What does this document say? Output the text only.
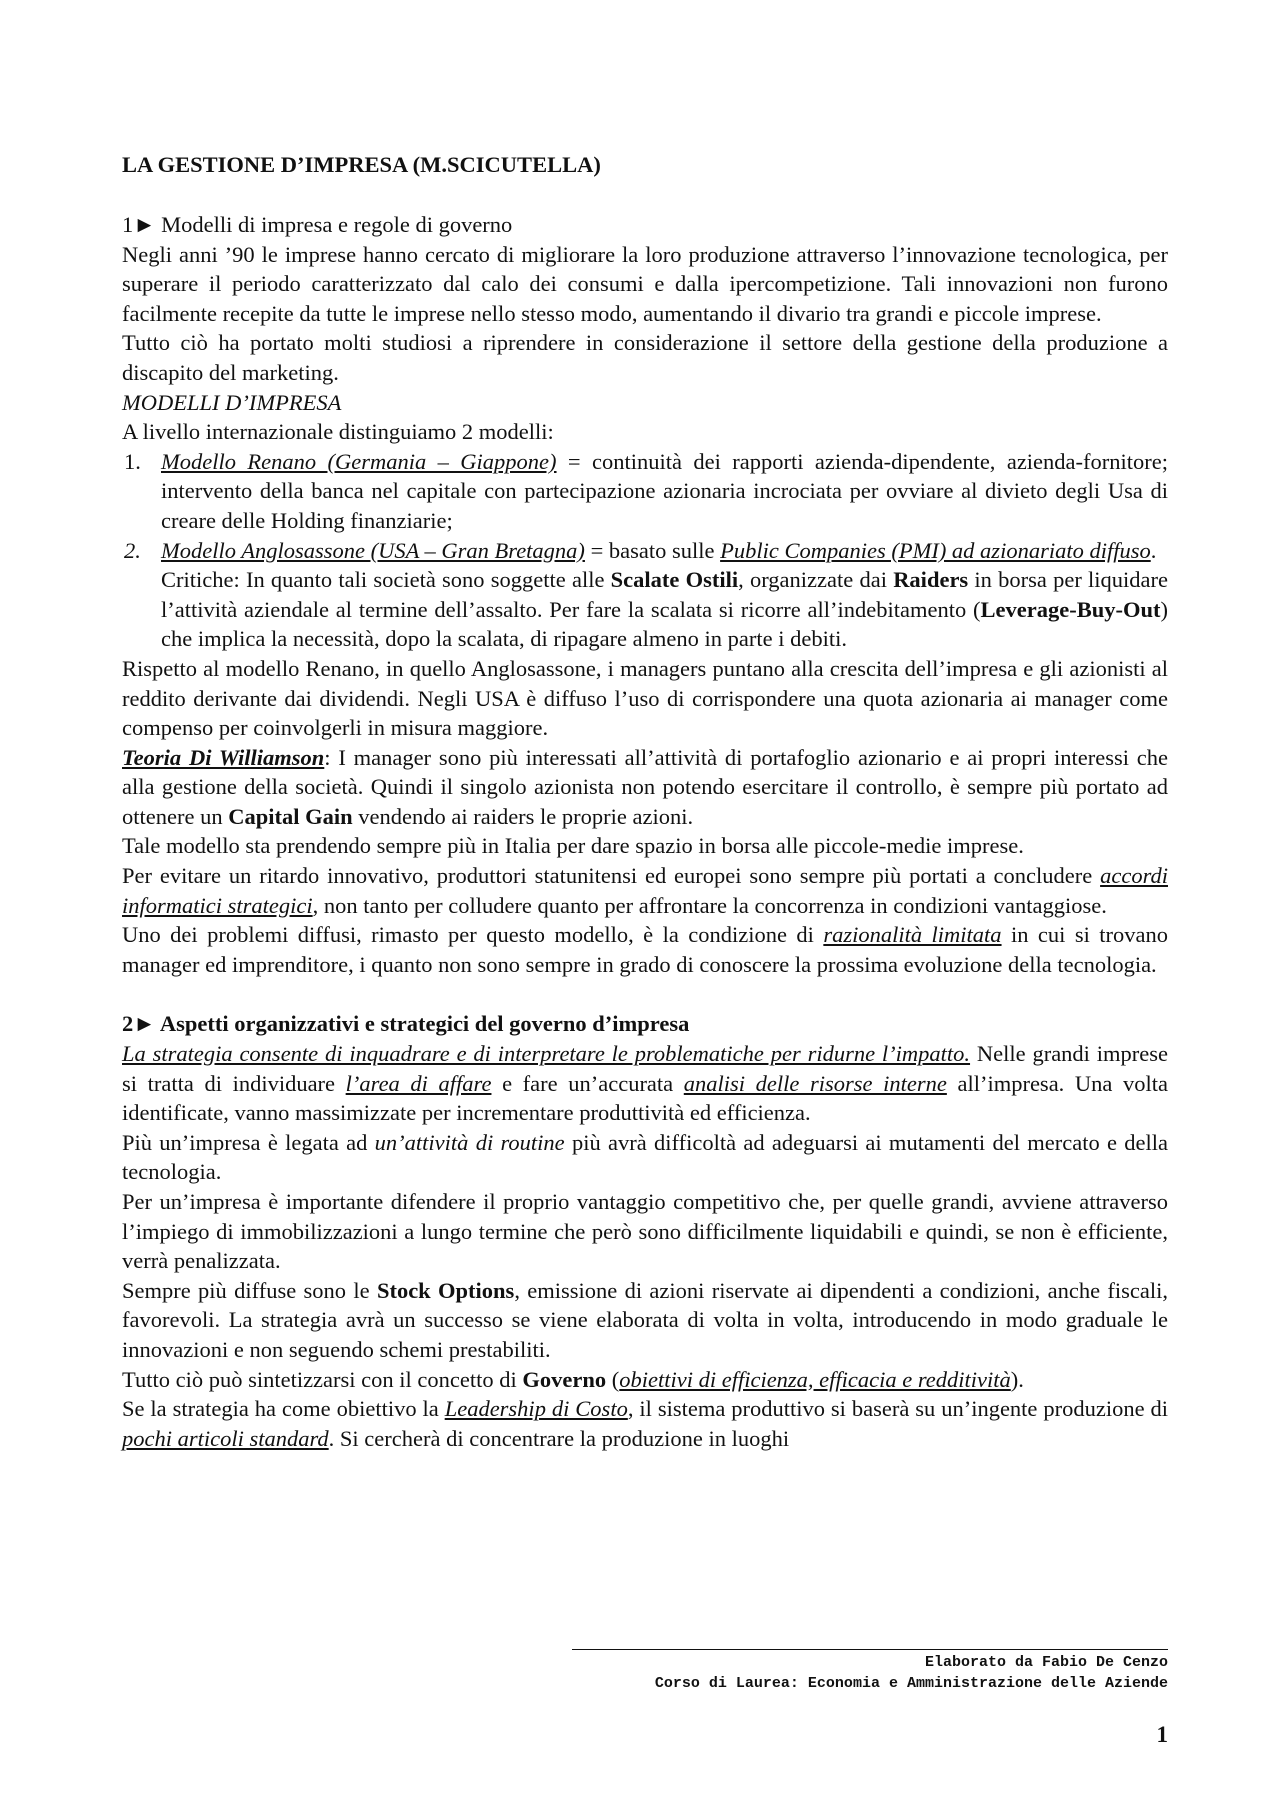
LA GESTIONE D’IMPRESA (M.SCICUTELLA)

1► Modelli di impresa e regole di governo

Negli anni ’90 le imprese hanno cercato di migliorare la loro produzione attraverso l’innovazione tecnologica, per superare il periodo caratterizzato dal calo dei consumi e dalla ipercompetizione. Tali innovazioni non furono facilmente recepite da tutte le imprese nello stesso modo, aumentando il divario tra grandi e piccole imprese.

Tutto ciò ha portato molti studiosi a riprendere in considerazione il settore della gestione della produzione a discapito del marketing.

MODELLI D’IMPRESA

A livello internazionale distinguiamo 2 modelli:

1. Modello Renano (Germania – Giappone) = continuità dei rapporti azienda-dipendente, azienda-fornitore; intervento della banca nel capitale con partecipazione azionaria incrociata per ovviare al divieto degli Usa di creare delle Holding finanziarie;
2. Modello Anglosassone (USA – Gran Bretagna) = basato sulle Public Companies (PMI) ad azionariato diffuso.
Critiche: In quanto tali società sono soggette alle Scalate Ostili, organizzate dai Raiders in borsa per liquidare l’attività aziendale al termine dell’assalto. Per fare la scalata si ricorre all’indebitamento (Leverage-Buy-Out) che implica la necessità, dopo la scalata, di ripagare almeno in parte i debiti.

Rispetto al modello Renano, in quello Anglosassone, i managers puntano alla crescita dell’impresa e gli azionisti al reddito derivante dai dividendi. Negli USA è diffuso l’uso di corrispondere una quota azionaria ai manager come compenso per coinvolgerli in misura maggiore.

Teoria Di Williamson: I manager sono più interessati all’attività di portafoglio azionario e ai propri interessi che alla gestione della società. Quindi il singolo azionista non potendo esercitare il controllo, è sempre più portato ad ottenere un Capital Gain vendendo ai raiders le proprie azioni.

Tale modello sta prendendo sempre più in Italia per dare spazio in borsa alle piccole-medie imprese.

Per evitare un ritardo innovativo, produttori statunitensi ed europei sono sempre più portati a concludere accordi informatici strategici, non tanto per colludere quanto per affrontare la concorrenza in condizioni vantaggiose.

Uno dei problemi diffusi, rimasto per questo modello, è la condizione di razionalità limitata in cui si trovano manager ed imprenditore, i quanto non sono sempre in grado di conoscere la prossima evoluzione della tecnologia.

2► Aspetti organizzativi e strategici del governo d’impresa

La strategia consente di inquadrare e di interpretare le problematiche per ridurne l’impatto. Nelle grandi imprese si tratta di individuare l’area di affare e fare un’accurata analisi delle risorse interne all’impresa. Una volta identificate, vanno massimizzate per incrementare produttività ed efficienza.

Più un’impresa è legata ad un’attività di routine più avrà difficoltà ad adeguarsi ai mutamenti del mercato e della tecnologia.

Per un’impresa è importante difendere il proprio vantaggio competitivo che, per quelle grandi, avviene attraverso l’impiego di immobilizzazioni a lungo termine che però sono difficilmente liquidabili e quindi, se non è efficiente, verrà penalizzata.

Sempre più diffuse sono le Stock Options, emissione di azioni riservate ai dipendenti a condizioni, anche fiscali, favorevoli. La strategia avrà un successo se viene elaborata di volta in volta, introducendo in modo graduale le innovazioni e non seguendo schemi prestabiliti.

Tutto ciò può sintetizzarsi con il concetto di Governo (obiettivi di efficienza, efficacia e redditività).

Se la strategia ha come obiettivo la Leadership di Costo, il sistema produttivo si baserà su un’ingente produzione di pochi articoli standard. Si cercherà di concentrare la produzione in luoghi

Elaborato da Fabio De Cenzo
Corso di Laurea: Economia e Amministrazione delle Aziende
1
